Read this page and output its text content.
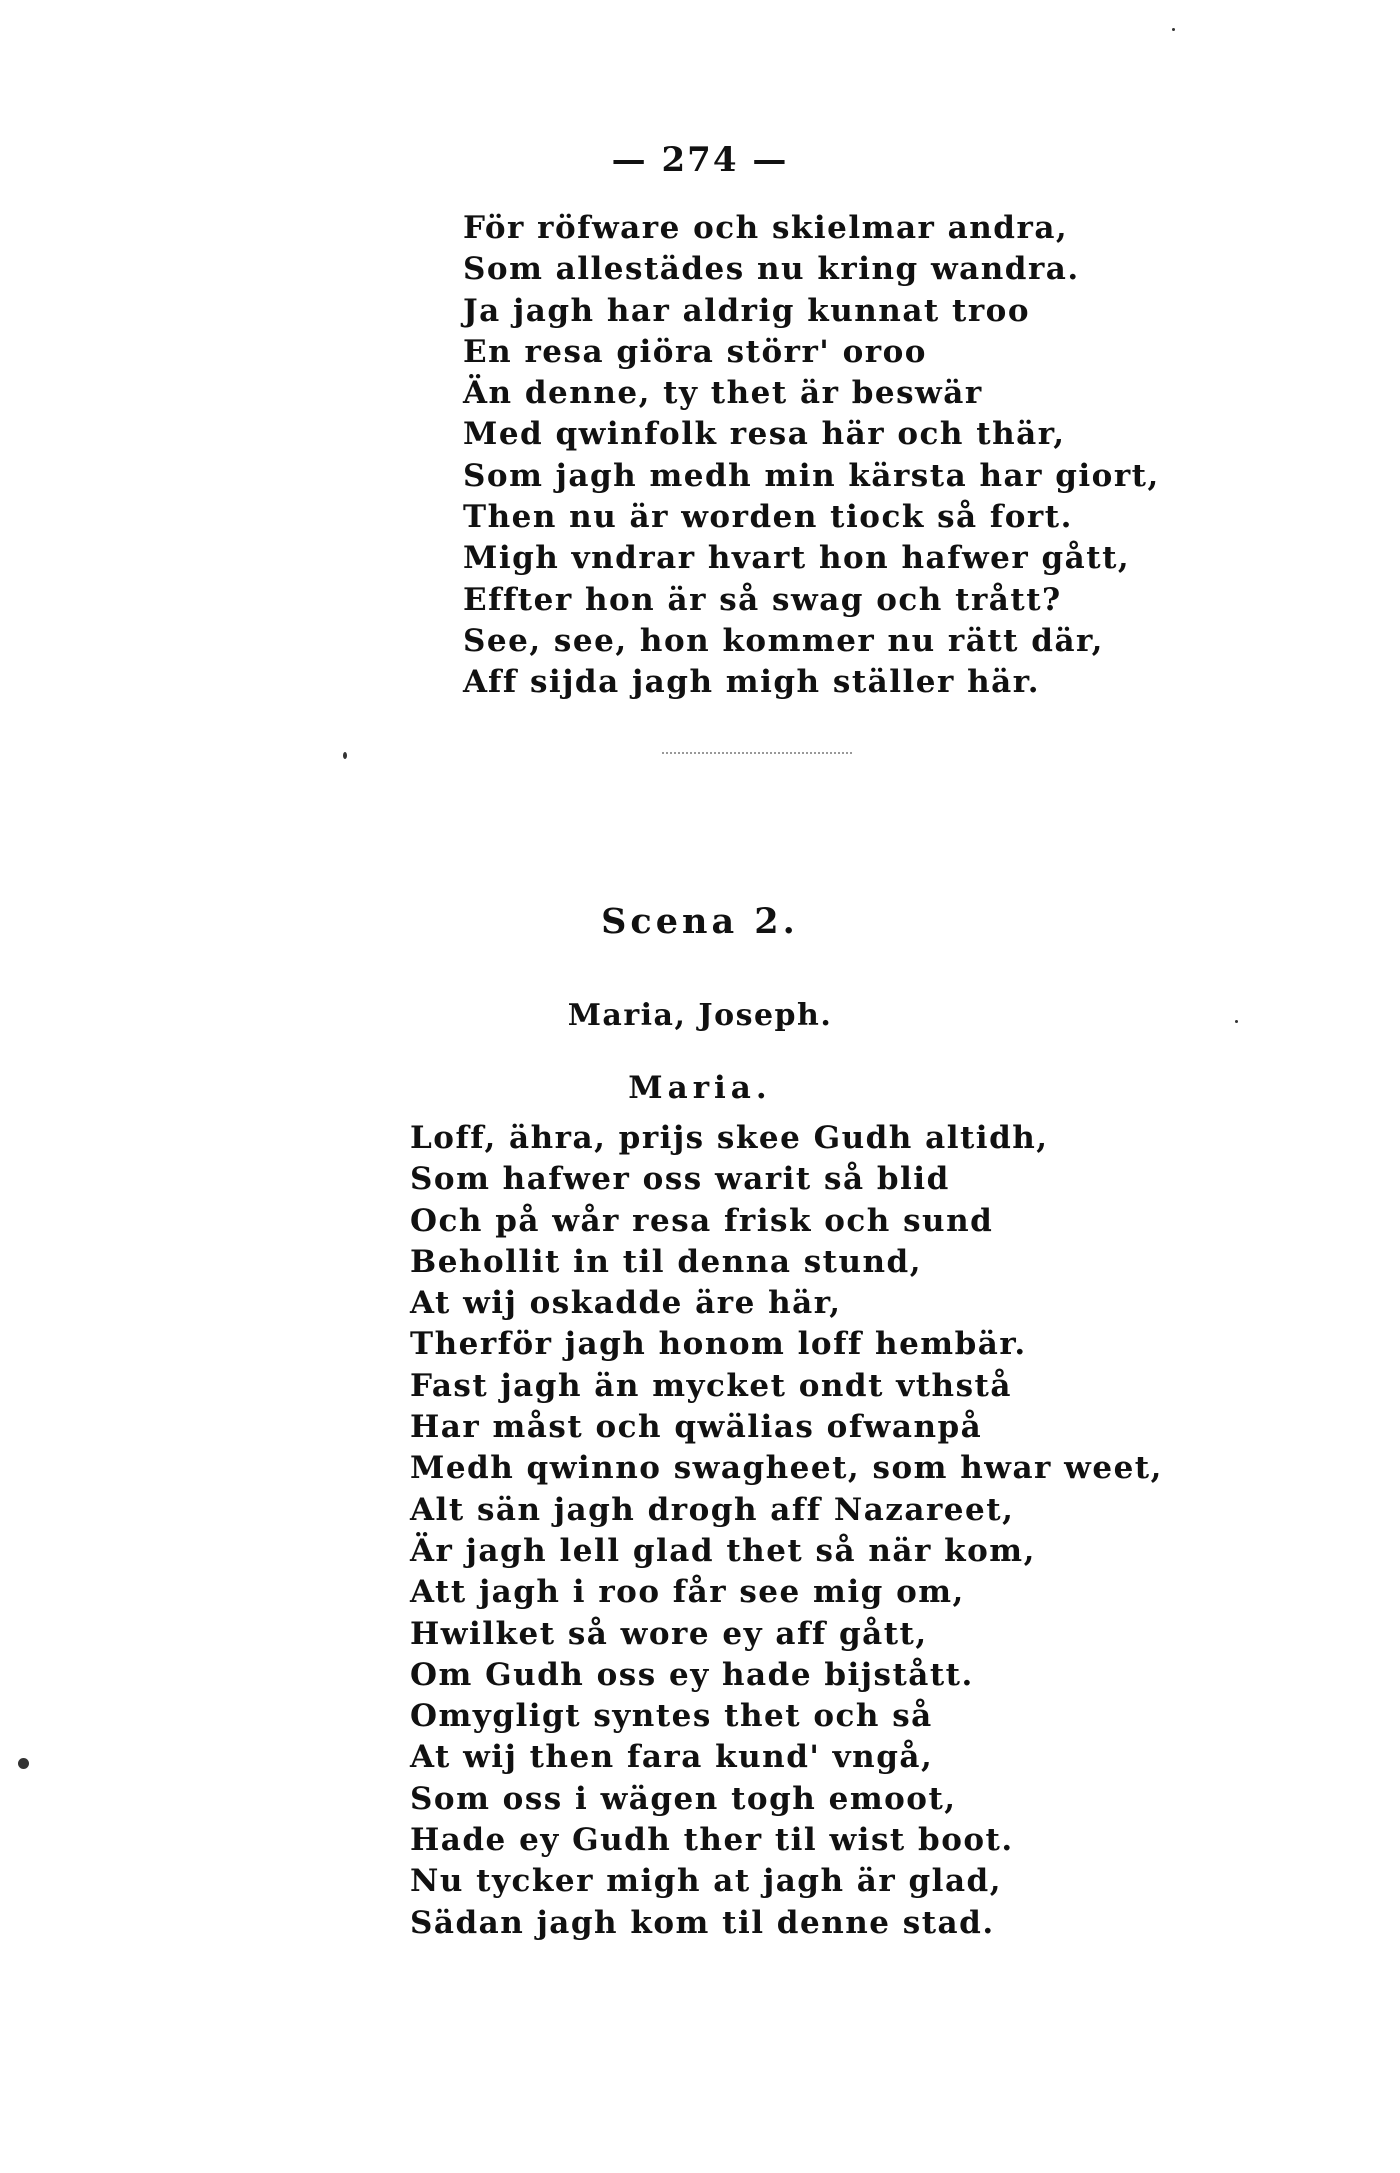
— 274 —
För röfware och skielmar andra,
Som allestädes nu kring wandra.
Ja jagh har aldrig kunnat troo
En resa giöra störr' oroo
Än denne, ty thet är beswär
Med qwinfolk resa här och thär,
Som jagh medh min kärsta har giort,
Then nu är worden tiock så fort.
Migh vndrar hvart hon hafwer gått,
Effter hon är så swag och trått?
See, see, hon kommer nu rätt där,
Aff sijda jagh migh ställer här.
Scena 2.
Maria, Joseph.
Maria.
Loff, ähra, prijs skee Gudh altidh,
Som hafwer oss warit så blid
Och på wår resa frisk och sund
Behollit in til denna stund,
At wij oskadde äre här,
Therför jagh honom loff hembär.
Fast jagh än mycket ondt vthstå
Har måst och qwälias ofwanpå
Medh qwinno swagheet, som hwar weet,
Alt sän jagh drogh aff Nazareet,
Är jagh lell glad thet så när kom,
Att jagh i roo får see mig om,
Hwilket så wore ey aff gått,
Om Gudh oss ey hade bijstått.
Omygligt syntes thet och så
At wij then fara kund' vngå,
Som oss i wägen togh emoot,
Hade ey Gudh ther til wist boot.
Nu tycker migh at jagh är glad,
Sädan jagh kom til denne stad.
